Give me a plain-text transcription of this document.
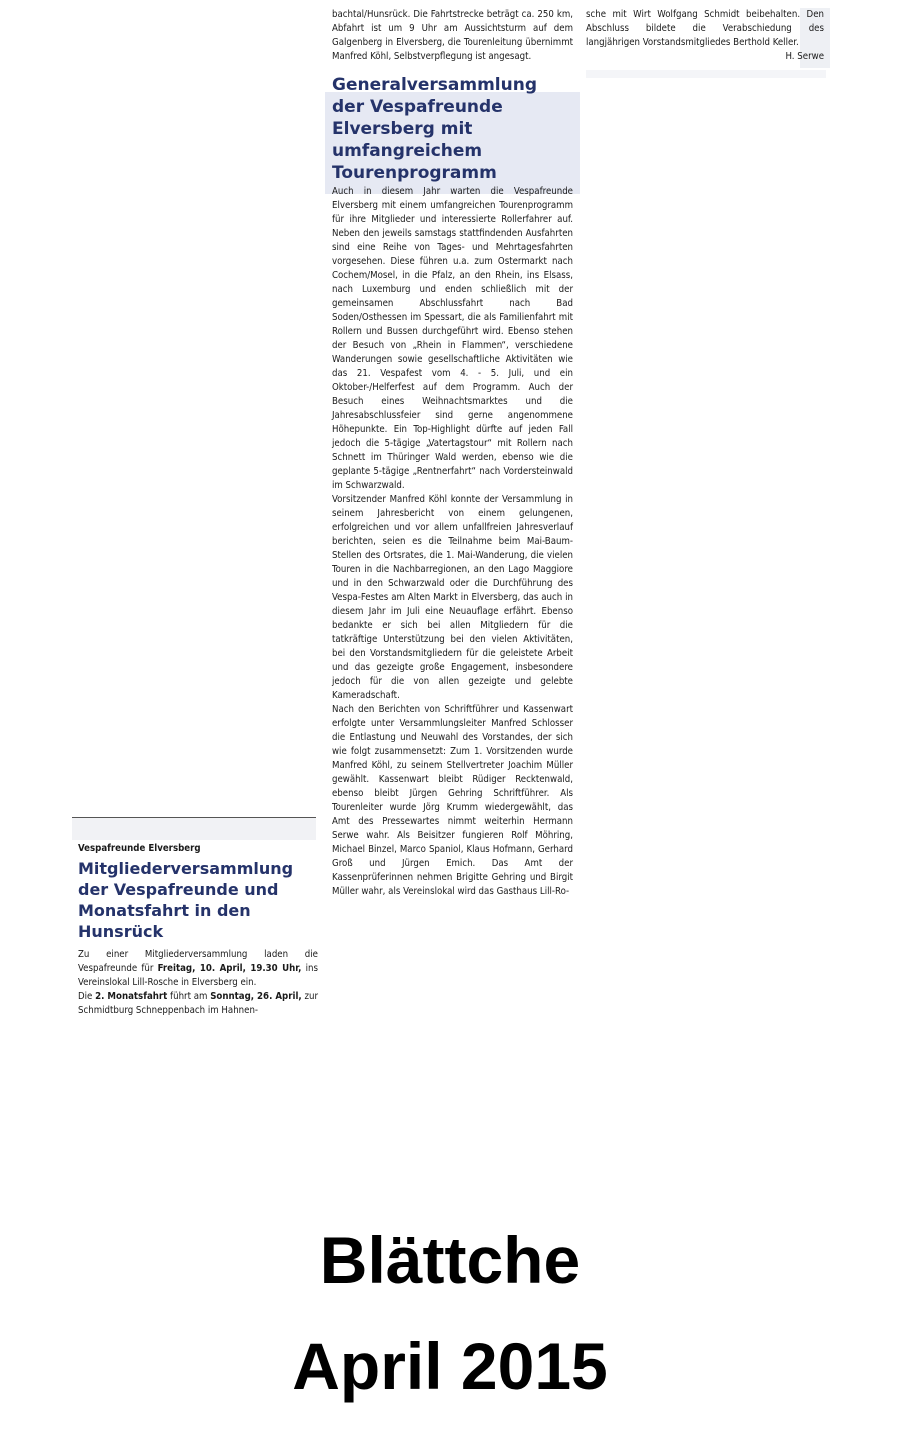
bachtal/Hunsrück. Die Fahrtstrecke beträgt ca. 250 km, Abfahrt ist um 9 Uhr am Aussichtsturm auf dem Galgenberg in Elversberg, die Tourenleitung übernimmt Manfred Köhl, Selbstverpflegung ist angesagt.

Generalversammlung der Vespafreunde Elversberg mit umfangreichem Tourenprogramm

Auch in diesem Jahr warten die Vespafreunde Elversberg mit einem umfangreichen Tourenprogramm für ihre Mitglieder und interessierte Rollerfahrer auf. Neben den jeweils samstags stattfindenden Ausfahrten sind eine Reihe von Tages- und Mehrtagesfahrten vorgesehen. Diese führen u.a. zum Ostermarkt nach Cochem/Mosel, in die Pfalz, an den Rhein, ins Elsass, nach Luxemburg und enden schließlich mit der gemeinsamen Abschlussfahrt nach Bad Soden/Osthessen im Spessart, die als Familienfahrt mit Rollern und Bussen durchgeführt wird. Ebenso stehen der Besuch von „Rhein in Flammen“, verschiedene Wanderungen sowie gesellschaftliche Aktivitäten wie das 21. Vespafest vom 4. - 5. Juli, und ein Oktober-/Helferfest auf dem Programm. Auch der Besuch eines Weihnachtsmarktes und die Jahresabschlussfeier sind gerne angenommene Höhepunkte. Ein Top-Highlight dürfte auf jeden Fall jedoch die 5-tägige „Vatertagstour“ mit Rollern nach Schnett im Thüringer Wald werden, ebenso wie die geplante 5-tägige „Rentnerfahrt“ nach Vordersteinwald im Schwarzwald.

Vorsitzender Manfred Köhl konnte der Versammlung in seinem Jahresbericht von einem gelungenen, erfolgreichen und vor allem unfallfreien Jahresverlauf berichten, seien es die Teilnahme beim Mai-Baum-Stellen des Ortsrates, die 1. Mai-Wanderung, die vielen Touren in die Nachbarregionen, an den Lago Maggiore und in den Schwarzwald oder die Durchführung des Vespa-Festes am Alten Markt in Elversberg, das auch in diesem Jahr im Juli eine Neuauflage erfährt. Ebenso bedankte er sich bei allen Mitgliedern für die tatkräftige Unterstützung bei den vielen Aktivitäten, bei den Vorstandsmitgliedern für die geleistete Arbeit und das gezeigte große Engagement, insbesondere jedoch für die von allen gezeigte und gelebte Kameradschaft.

Nach den Berichten von Schriftführer und Kassenwart erfolgte unter Versammlungsleiter Manfred Schlosser die Entlastung und Neuwahl des Vorstandes, der sich wie folgt zusammensetzt: Zum 1. Vorsitzenden wurde Manfred Köhl, zu seinem Stellvertreter Joachim Müller gewählt. Kassenwart bleibt Rüdiger Recktenwald, ebenso bleibt Jürgen Gehring Schriftführer. Als Tourenleiter wurde Jörg Krumm wiedergewählt, das Amt des Pressewartes nimmt weiterhin Hermann Serwe wahr. Als Beisitzer fungieren Rolf Möhring, Michael Binzel, Marco Spaniol, Klaus Hofmann, Gerhard Groß und Jürgen Emich. Das Amt der Kassenprüferinnen nehmen Brigitte Gehring und Birgit Müller wahr, als Vereinslokal wird das Gasthaus Lill-Ro-

sche mit Wirt Wolfgang Schmidt beibehalten. Den Abschluss bildete die Verabschiedung des langjährigen Vorstandsmitgliedes Berthold Keller.

H. Serwe

Vespafreunde Elversberg
Mitgliederversammlung der Vespafreunde und Monatsfahrt in den Hunsrück

Zu einer Mitgliederversammlung laden die Vespafreunde für Freitag, 10. April, 19.30 Uhr, ins Vereinslokal Lill-Rosche in Elversberg ein.

Die 2. Monatsfahrt führt am Sonntag, 26. April, zur Schmidtburg Schneppenbach im Hahnen-

Blättche
April 2015
